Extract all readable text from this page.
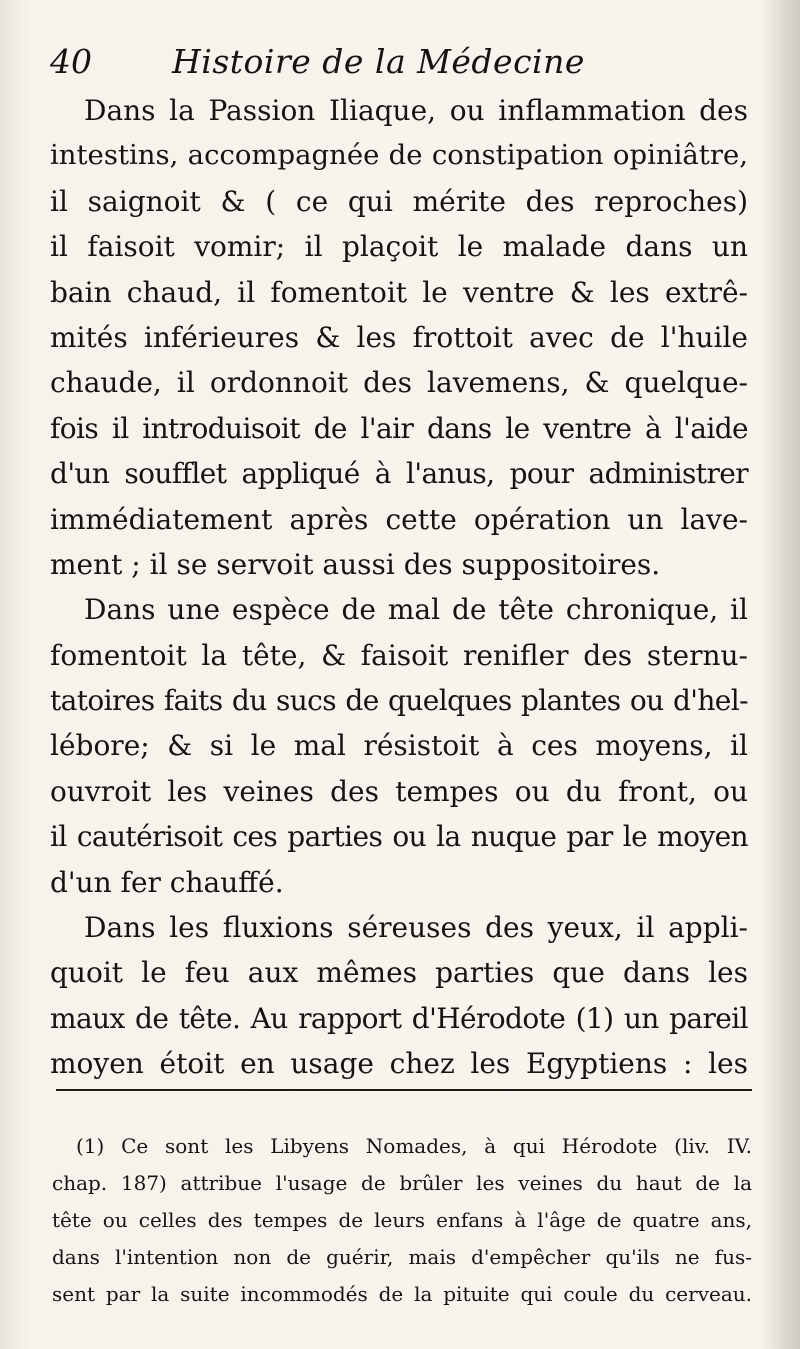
40 Histoire de la Médecine
Dans la Passion Iliaque, ou inflammation des
intestins, accompagnée de constipation opiniâtre,
il saignoit & ( ce qui mérite des reproches)
il faisoit vomir; il plaçoit le malade dans un
bain chaud, il fomentoit le ventre & les extrê-
mités inférieures & les frottoit avec de l'huile
chaude, il ordonnoit des lavemens, & quelque-
fois il introduisoit de l'air dans le ventre à l'aide
d'un soufflet appliqué à l'anus, pour administrer
immédiatement après cette opération un lave-
ment ; il se servoit aussi des suppositoires.
Dans une espèce de mal de tête chronique, il
fomentoit la tête, & faisoit renifler des sternu-
tatoires faits du sucs de quelques plantes ou d'hel-
lébore; & si le mal résistoit à ces moyens, il
ouvroit les veines des tempes ou du front, ou
il cautérisoit ces parties ou la nuque par le moyen
d'un fer chauffé.
Dans les fluxions séreuses des yeux, il appli-
quoit le feu aux mêmes parties que dans les
maux de tête. Au rapport d'Hérodote (1) un pareil
moyen étoit en usage chez les Egyptiens : les
(1) Ce sont les Libyens Nomades, à qui Hérodote (liv. IV.
chap. 187) attribue l'usage de brûler les veines du haut de la
tête ou celles des tempes de leurs enfans à l'âge de quatre ans,
dans l'intention non de guérir, mais d'empêcher qu'ils ne fus-
sent par la suite incommodés de la pituite qui coule du cerveau.
